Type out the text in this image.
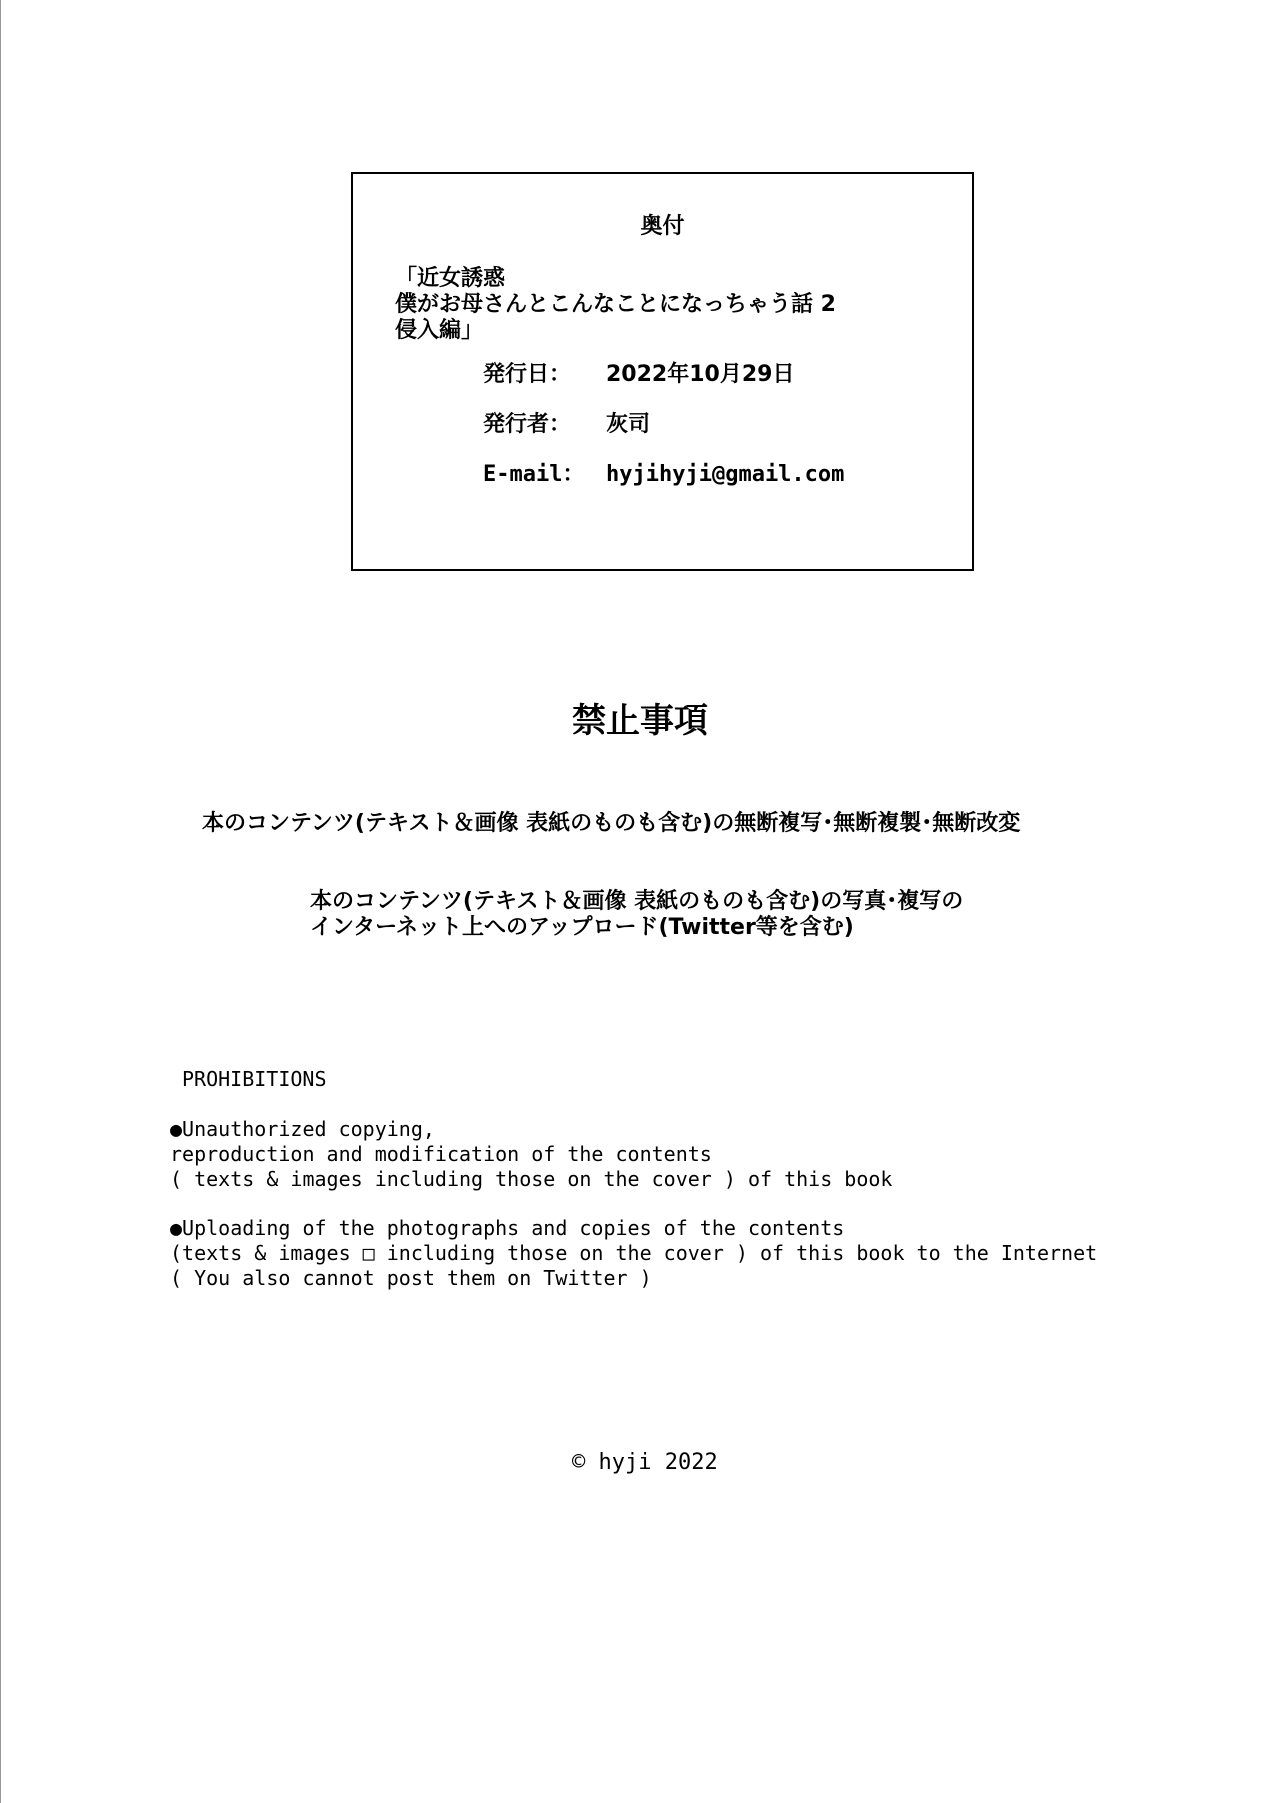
奥付
「近女誘惑
僕がお母さんとこんなことになっちゃう話 2
侵入編」
発行日： 2022年10月29日
発行者： 灰司
E-mail： hyjihyji@gmail.com
禁止事項
本のコンテンツ(テキスト＆画像 表紙のものも含む)の無断複写･無断複製･無断改変
本のコンテンツ(テキスト＆画像 表紙のものも含む)の写真･複写の
インターネット上へのアップロード(Twitter等を含む)
PROHIBITIONS
●Unauthorized copying,
reproduction and modification of the contents
( texts & images including those on the cover ) of this book
●Uploading of the photographs and copies of the contents
(texts & images □ including those on the cover ) of this book to the Internet
( You also cannot post them on Twitter )
© hyji 2022
